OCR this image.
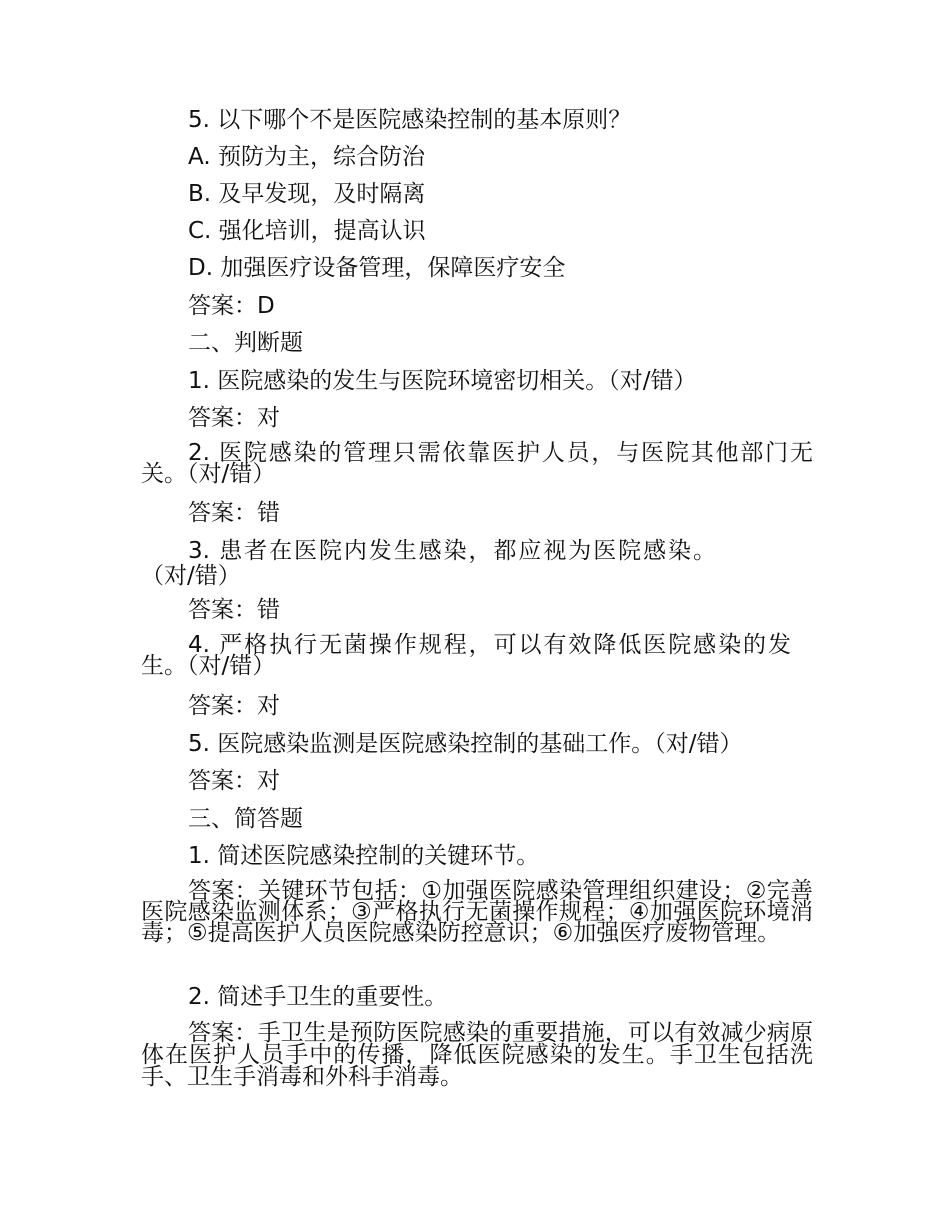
5. 以下哪个不是医院感染控制的基本原则？
A. 预防为主，综合防治
B. 及早发现，及时隔离
C. 强化培训，提高认识
D. 加强医疗设备管理，保障医疗安全
答案：D
二、判断题
1. 医院感染的发生与医院环境密切相关。（对/错）
答案：对
2. 医院感染的管理只需依靠医护人员，与医院其他部门无关。（对/错）
答案：错
3. 患者在医院内发生感染，都应视为医院感染。（对/错）
答案：错
4. 严格执行无菌操作规程，可以有效降低医院感染的发生。（对/错）
答案：对
5. 医院感染监测是医院感染控制的基础工作。（对/错）
答案：对
三、简答题
1. 简述医院感染控制的关键环节。
答案：关键环节包括：①加强医院感染管理组织建设；②完善医院感染监测体系；③严格执行无菌操作规程；④加强医院环境消毒；⑤提高医护人员医院感染防控意识；⑥加强医疗废物管理。
2. 简述手卫生的重要性。
答案：手卫生是预防医院感染的重要措施，可以有效减少病原体在医护人员手中的传播，降低医院感染的发生。手卫生包括洗手、卫生手消毒和外科手消毒。
